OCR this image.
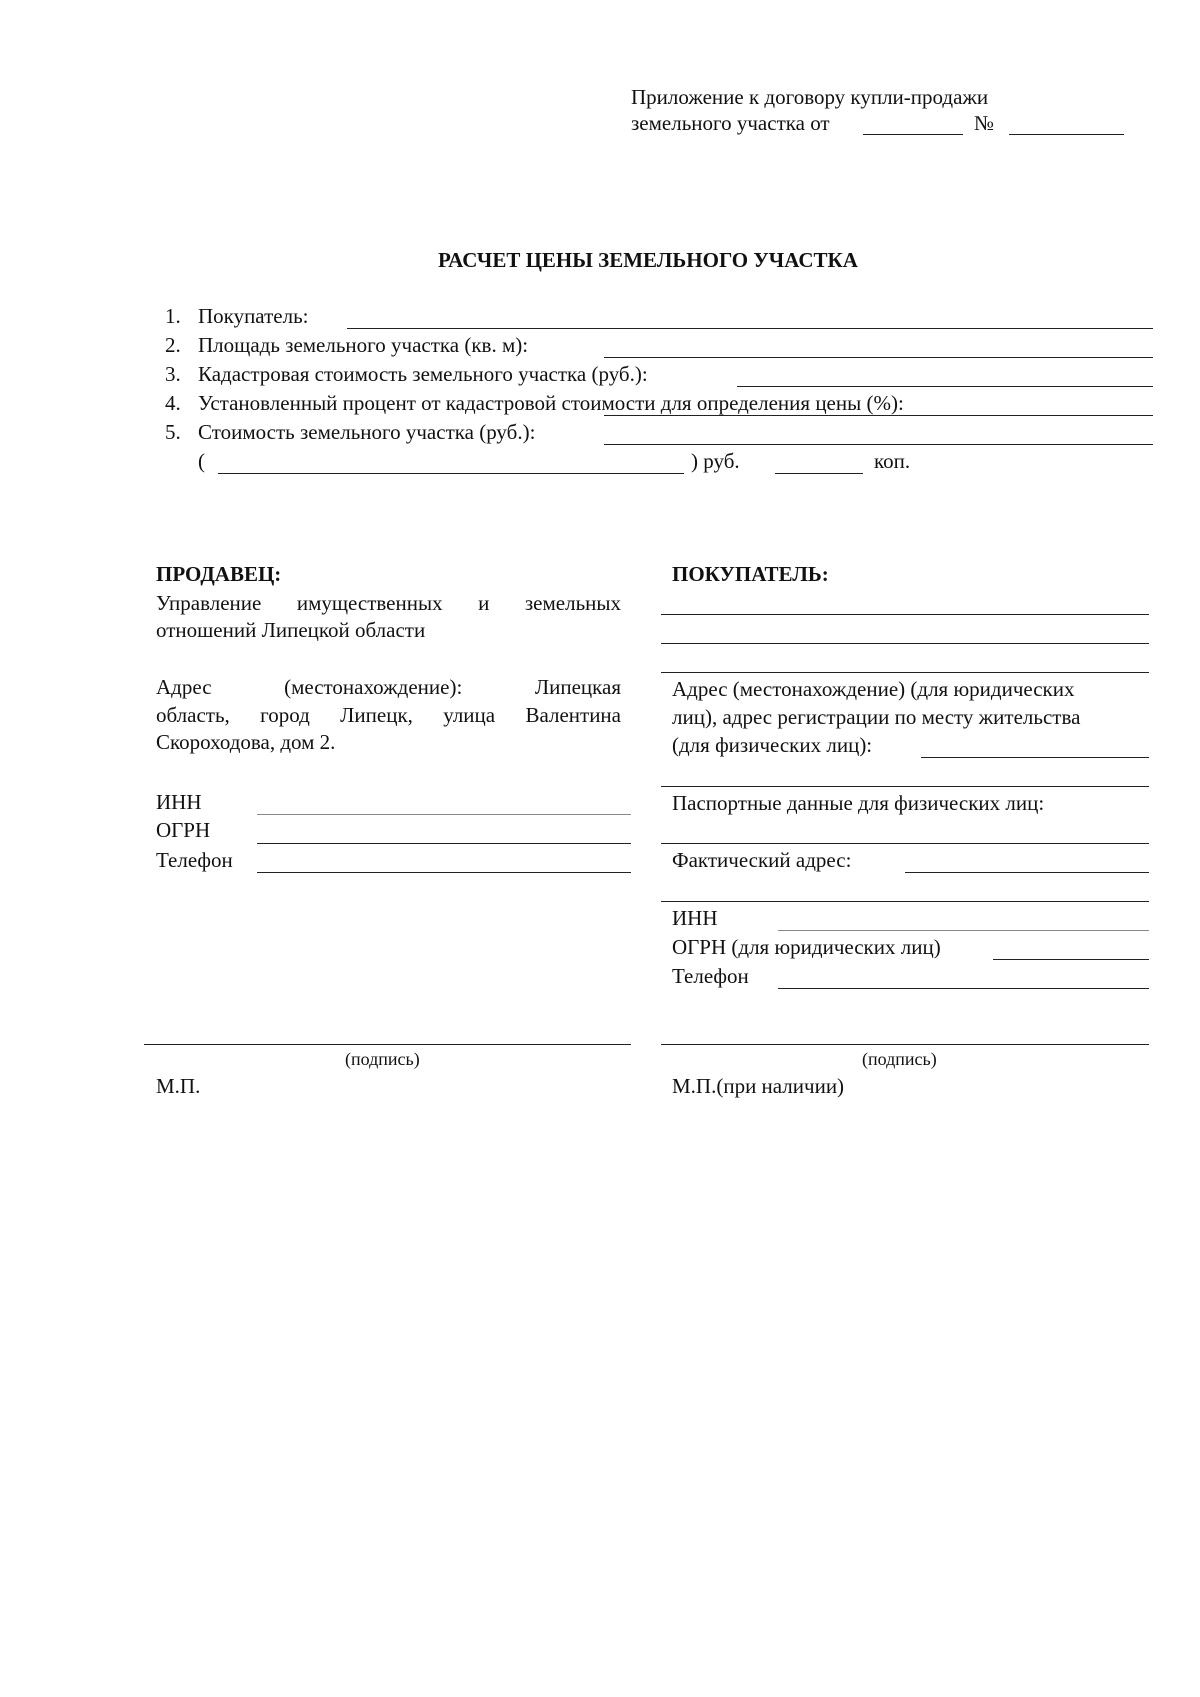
Приложение к договору купли-продажи
земельного участка от	№
РАСЧЕТ ЦЕНЫ ЗЕМЕЛЬНОГО УЧАСТКА
1. Покупатель:
2. Площадь земельного участка (кв. м):
3. Кадастровая стоимость земельного участка (руб.):
4. Установленный процент от кадастровой стоимости для определения цены (%):
5. Стоимость земельного участка (руб.):
(	) руб.	коп.
ПРОДАВЕЦ:
Управление имущественных и земельных
отношений Липецкой области
Адрес (местонахождение): Липецкая
область, город Липецк, улица Валентина
Скороходова, дом 2.
ИНН
ОГРН
Телефон
(подпись)
М.П.
ПОКУПАТЕЛЬ:
Адрес (местонахождение) (для юридических
лиц), адрес регистрации по месту жительства
(для физических лиц):
Паспортные данные для физических лиц:
Фактический адрес:
ИНН
ОГРН (для юридических лиц)
Телефон
(подпись)
М.П.(при наличии)
